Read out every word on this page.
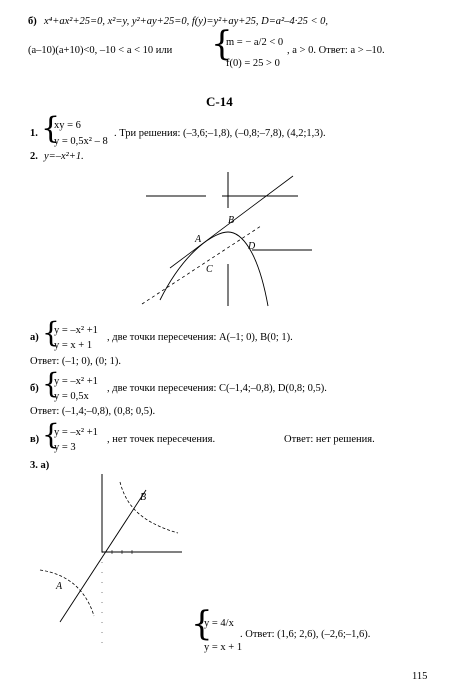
б) x⁴+ax²+25=0, x²=y, y²+ay+25=0, f(y)=y²+ay+25, D=a²–4·25 < 0,
(a–10)(a+10)<0, –10 < a < 10 или {
m = − a/2 < 0
f(0) = 25 > 0
, a > 0. Ответ: a > –10.
С-14
1. {
xy = 6
y = 0,5x² – 8
. Три решения: (–3,6;–1,8), (–0,8;–7,8), (4,2;1,3).
2. y=–x²+1.
B
A
D
C
а) {
y = –x² +1
y = x + 1
, две точки пересечения: A(–1; 0), B(0; 1).
Ответ: (–1; 0), (0; 1).
б) {
y = –x² +1
y = 0,5x
, две точки пересечения: C(–1,4;–0,8), D(0,8; 0,5).
Ответ: (–1,4;–0,8), (0,8; 0,5).
в) {
y = –x² +1
y = 3
, нет точек пересечения.	Ответ: нет решения.
3. а)
B
A
{
y = 4/x
y = x + 1
. Ответ: (1,6; 2,6), (–2,6;–1,6).
115
